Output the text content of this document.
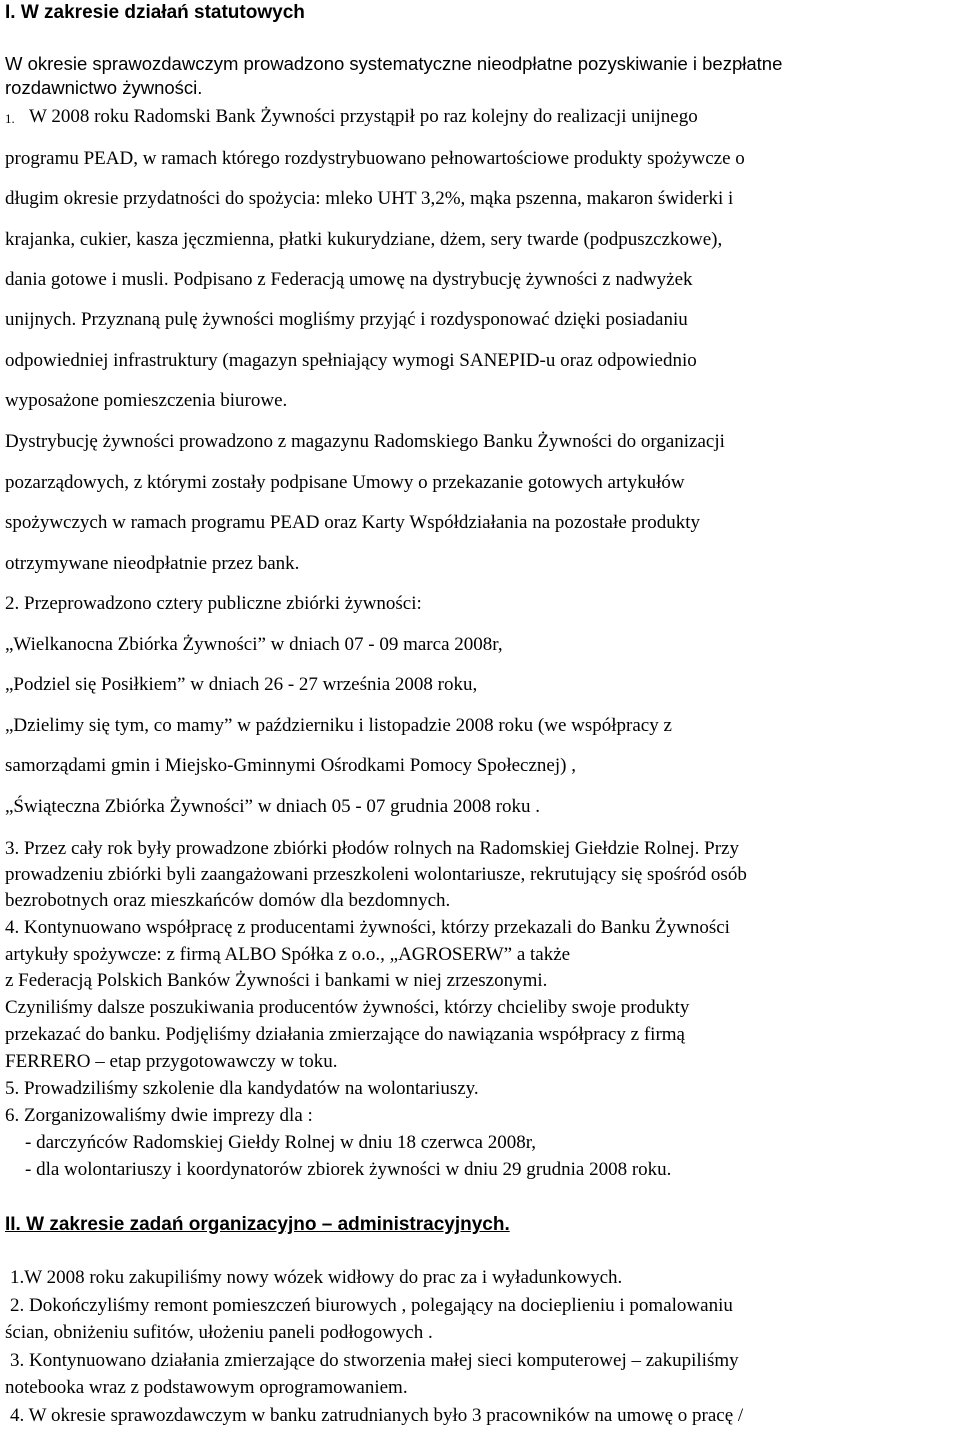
I. W zakresie działań statutowych
W okresie sprawozdawczym prowadzono systematyczne nieodpłatne pozyskiwanie i bezpłatne
rozdawnictwo żywności.
1. W 2008 roku Radomski Bank Żywności przystąpił po raz kolejny do realizacji unijnego
programu PEAD, w ramach którego rozdystrybuowano pełnowartościowe produkty spożywcze o
długim okresie przydatności do spożycia: mleko UHT 3,2%, mąka pszenna, makaron świderki i
krajanka, cukier, kasza jęczmienna, płatki kukurydziane, dżem, sery twarde (podpuszczkowe),
dania gotowe i musli. Podpisano z Federacją umowę na dystrybucję żywności z nadwyżek
unijnych. Przyznaną pulę żywności mogliśmy przyjąć i rozdysponować dzięki posiadaniu
odpowiedniej infrastruktury (magazyn spełniający wymogi SANEPID-u oraz odpowiednio
wyposażone pomieszczenia biurowe.
Dystrybucję żywności prowadzono z magazynu Radomskiego Banku Żywności do organizacji
pozarządowych, z którymi zostały podpisane Umowy o przekazanie gotowych artykułów
spożywczych w ramach programu PEAD oraz Karty Współdziałania na pozostałe produkty
otrzymywane nieodpłatnie przez bank.
2. Przeprowadzono cztery publiczne zbiórki żywności:
„Wielkanocna Zbiórka Żywności” w dniach 07 - 09 marca 2008r,
„Podziel się Posiłkiem” w dniach 26 - 27 września 2008 roku,
„Dzielimy się tym, co mamy” w październiku i listopadzie 2008 roku (we współpracy z
samorządami gmin i Miejsko-Gminnymi Ośrodkami Pomocy Społecznej) ,
„Świąteczna Zbiórka Żywności” w dniach 05 - 07 grudnia 2008 roku .
3. Przez cały rok były prowadzone zbiórki płodów rolnych na Radomskiej Giełdzie Rolnej. Przy
prowadzeniu zbiórki byli zaangażowani przeszkoleni wolontariusze, rekrutujący się spośród osób
bezrobotnych oraz mieszkańców domów dla bezdomnych.
4. Kontynuowano współpracę z producentami żywności, którzy przekazali do Banku Żywności
artykuły spożywcze: z firmą ALBO Spółka z o.o., „AGROSERW” a także
z Federacją Polskich Banków Żywności i bankami w niej zrzeszonymi.
Czyniliśmy dalsze poszukiwania producentów żywności, którzy chcieliby swoje produkty
przekazać do banku. Podjęliśmy działania zmierzające do nawiązania współpracy z firmą
FERRERO – etap przygotowawczy w toku.
5. Prowadziliśmy szkolenie dla kandydatów na wolontariuszy.
6. Zorganizowaliśmy dwie imprezy dla :
- darczyńców Radomskiej Giełdy Rolnej w dniu 18 czerwca 2008r,
- dla wolontariuszy i koordynatorów zbiorek żywności w dniu 29 grudnia 2008 roku.
II. W zakresie zadań organizacyjno – administracyjnych.
1.W 2008 roku zakupiliśmy nowy wózek widłowy do prac za i wyładunkowych.
2. Dokończyliśmy remont pomieszczeń biurowych , polegający na docieplieniu i pomalowaniu
ścian, obniżeniu sufitów, ułożeniu paneli podłogowych .
3. Kontynuowano działania zmierzające do stworzenia małej sieci komputerowej – zakupiliśmy
notebooka wraz z podstawowym oprogramowaniem.
4. W okresie sprawozdawczym w banku zatrudnianych było 3 pracowników na umowę o pracę /
